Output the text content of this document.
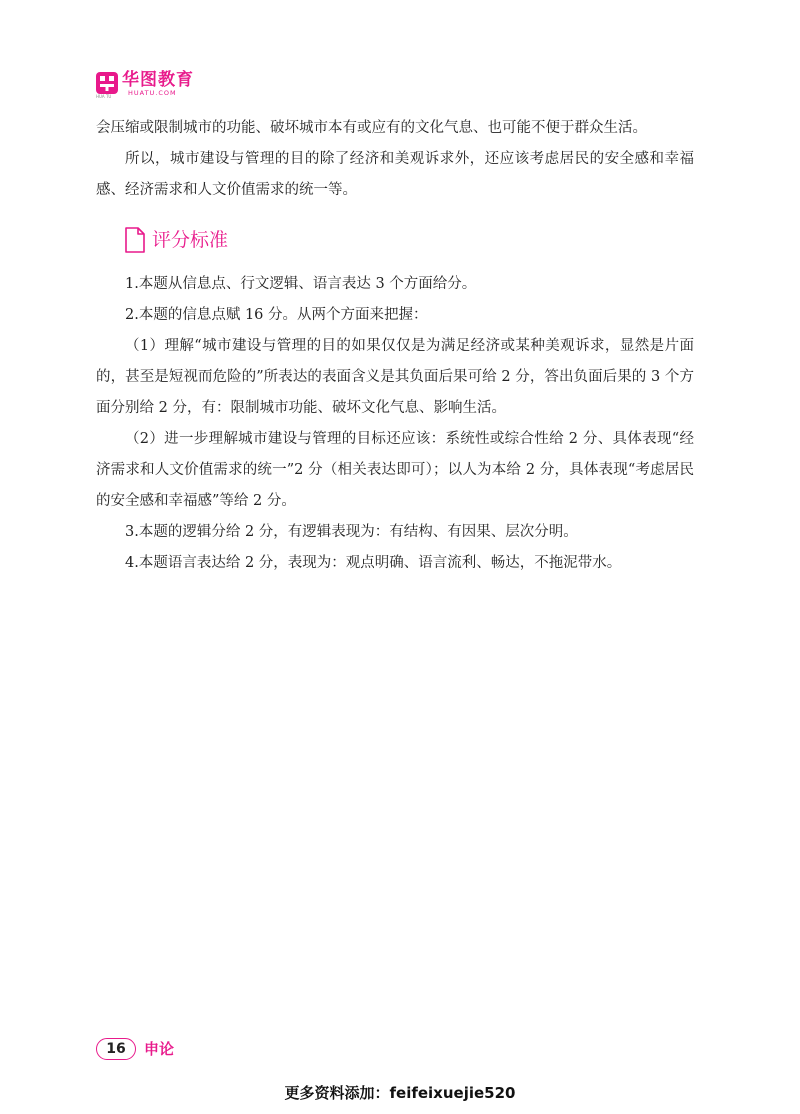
华图教育
HUATU.COM
HUA TU
会压缩或限制城市的功能、破坏城市本有或应有的文化气息、也可能不便于群众生活。
所以，城市建设与管理的目的除了经济和美观诉求外，还应该考虑居民的安全感和幸福感、经济需求和人文价值需求的统一等。
评分标准
1.本题从信息点、行文逻辑、语言表达 3 个方面给分。
2.本题的信息点赋 16 分。从两个方面来把握：
（1）理解“城市建设与管理的目的如果仅仅是为满足经济或某种美观诉求，显然是片面的，甚至是短视而危险的”所表达的表面含义是其负面后果可给 2 分，答出负面后果的 3 个方面分别给 2 分，有：限制城市功能、破坏文化气息、影响生活。
（2）进一步理解城市建设与管理的目标还应该：系统性或综合性给 2 分、具体表现“经济需求和人文价值需求的统一”2 分（相关表达即可）；以人为本给 2 分，具体表现“考虑居民的安全感和幸福感”等给 2 分。
3.本题的逻辑分给 2 分，有逻辑表现为：有结构、有因果、层次分明。
4.本题语言表达给 2 分，表现为：观点明确、语言流利、畅达，不拖泥带水。
16	申论
更多资料添加：feifeixuejie520
